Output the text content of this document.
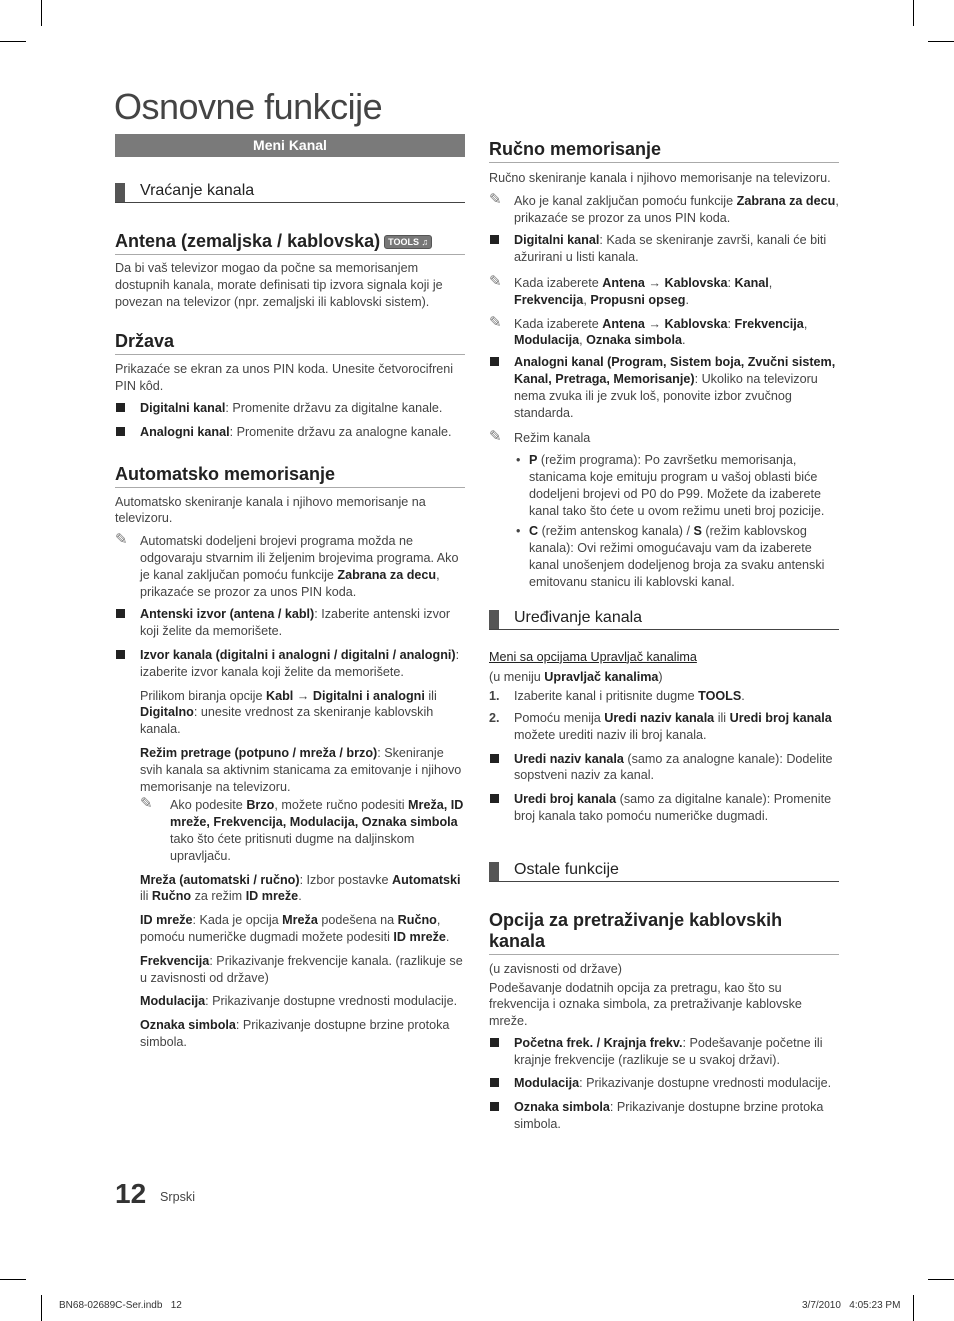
Osnovne funkcije
Meni Kanal
Vraćanje kanala
Antena (zemaljska / kablovska) TOOLS ♫

Da bi vaš televizor mogao da počne sa memorisanjem dostupnih kanala, morate definisati tip izvora signala koji je povezan na televizor (npr. zemaljski ili kablovski sistem).

Država

Prikazaće se ekran za unos PIN koda. Unesite četvorocifreni PIN kôd.

Digitalni kanal: Promenite državu za digitalne kanale.

Analogni kanal: Promenite državu za analogne kanale.

Automatsko memorisanje

Automatsko skeniranje kanala i njihovo memorisanje na televizoru.

✎ Automatski dodeljeni brojevi programa možda ne odgovaraju stvarnim ili željenim brojevima programa. Ako je kanal zaključan pomoću funkcije Zabrana za decu, prikazaće se prozor za unos PIN koda.

Antenski izvor (antena / kabl): Izaberite antenski izvor koji želite da memorišete.

Izvor kanala (digitalni i analogni / digitalni / analogni): izaberite izvor kanala koji želite da memorišete.

Prilikom biranja opcije Kabl → Digitalni i analogni ili Digitalno: unesite vrednost za skeniranje kablovskih kanala.

Režim pretrage (potpuno / mreža / brzo): Skeniranje svih kanala sa aktivnim stanicama za emitovanje i njihovo memorisanje na televizoru.

✎ Ako podesite Brzo, možete ručno podesiti Mreža, ID mreže, Frekvencija, Modulacija, Oznaka simbola tako što ćete pritisnuti dugme na daljinskom upravljaču.

Mreža (automatski / ručno): Izbor postavke Automatski ili Ručno za režim ID mreže.

ID mreže: Kada je opcija Mreža podešena na Ručno, pomoću numeričke dugmadi možete podesiti ID mreže.

Frekvencija: Prikazivanje frekvencije kanala. (razlikuje se u zavisnosti od države)

Modulacija: Prikazivanje dostupne vrednosti modulacije.

Oznaka simbola: Prikazivanje dostupne brzine protoka simbola.

Ručno memorisanje

Ručno skeniranje kanala i njihovo memorisanje na televizoru.

✎ Ako je kanal zaključan pomoću funkcije Zabrana za decu, prikazaće se prozor za unos PIN koda.

Digitalni kanal: Kada se skeniranje završi, kanali će biti ažurirani u listi kanala.

✎ Kada izaberete Antena → Kablovska: Kanal, Frekvencija, Propusni opseg.

✎ Kada izaberete Antena → Kablovska: Frekvencija, Modulacija, Oznaka simbola.

Analogni kanal (Program, Sistem boja, Zvučni sistem, Kanal, Pretraga, Memorisanje): Ukoliko na televizoru nema zvuka ili je zvuk loš, ponovite izbor zvučnog standarda.

✎ Režim kanala

• P (režim programa): Po završetku memorisanja, stanicama koje emituju program u vašoj oblasti biće dodeljeni brojevi od P0 do P99. Možete da izaberete kanal tako što ćete u ovom režimu uneti broj pozicije.

• C (režim antenskog kanala) / S (režim kablovskog kanala): Ovi režimi omogućavaju vam da izaberete kanal unošenjem dodeljenog broja za svaku antenski emitovanu stanicu ili kablovski kanal.

Uređivanje kanala

Meni sa opcijama Upravljač kanalima

(u meniju Upravljač kanalima)

1. Izaberite kanal i pritisnite dugme TOOLS.

2. Pomoću menija Uredi naziv kanala ili Uredi broj kanala možete urediti naziv ili broj kanala.

Uredi naziv kanala (samo za analogne kanale): Dodelite sopstveni naziv za kanal.

Uredi broj kanala (samo za digitalne kanale): Promenite broj kanala tako pomoću numeričke dugmadi.

Ostale funkcije
Opcija za pretraživanje kablovskih kanala

(u zavisnosti od države)

Podešavanje dodatnih opcija za pretragu, kao što su frekvencija i oznaka simbola, za pretraživanje kablovske mreže.

Početna frek. / Krajnja frekv.: Podešavanje početne ili krajnje frekvencije (razlikuje se u svakoj državi).

Modulacija: Prikazivanje dostupne vrednosti modulacije.

Oznaka simbola: Prikazivanje dostupne brzine protoka simbola.

12 Srpski
BN68-02689C-Ser.indb   12	3/7/2010   4:05:23 PM
